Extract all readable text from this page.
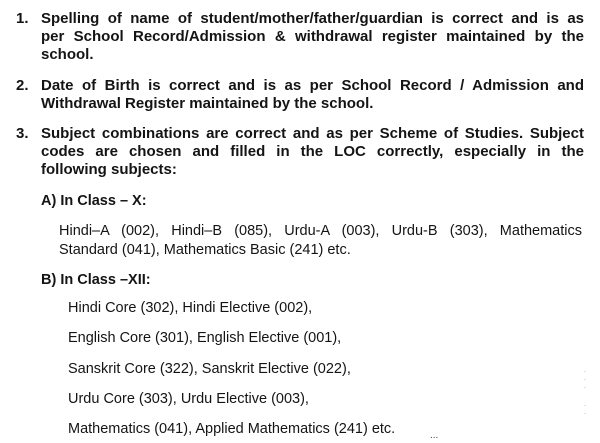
1. Spelling of name of student/mother/father/guardian is correct and is as
per School Record/Admission & withdrawal register maintained by the
school.

2. Date of Birth is correct and is as per School Record / Admission and
Withdrawal Register maintained by the school.

3. Subject combinations are correct and as per Scheme of Studies. Subject
codes are chosen and filled in the LOC correctly, especially in the
following subjects:

A) In Class – X:
Hindi–A (002), Hindi–B (085), Urdu-A (003), Urdu-B (303), Mathematics
Standard (041), Mathematics Basic (241) etc.
B) In Class –XII:
Hindi Core (302), Hindi Elective (002),
English Core (301), English Elective (001),
Sanskrit Core (322), Sanskrit Elective (022),
Urdu Core (303), Urdu Elective (003),
Mathematics (041), Applied Mathematics (241) etc.
·
·
·
·
·
...
